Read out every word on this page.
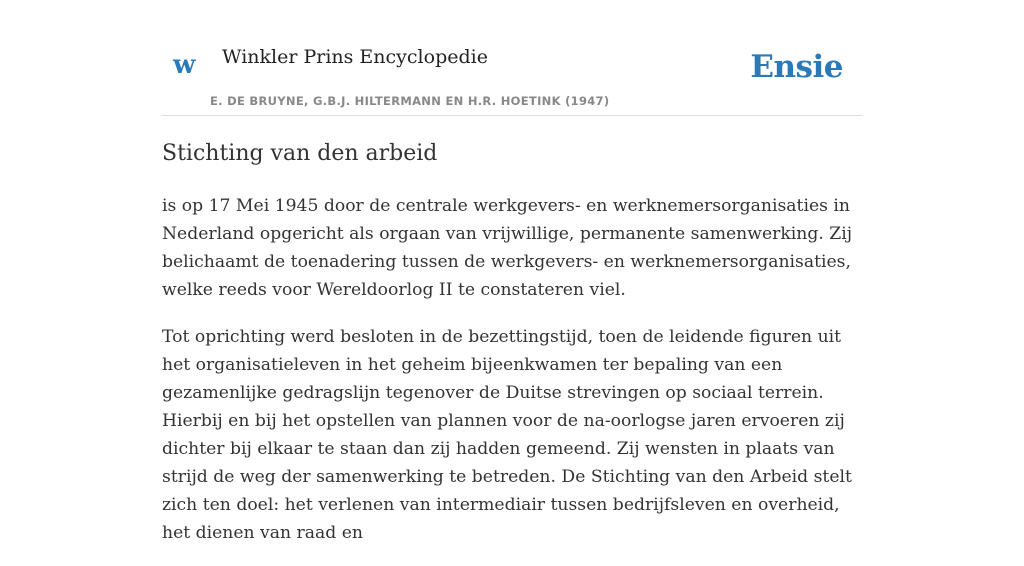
w Winkler Prins Encyclopedie
E. DE BRUYNE, G.B.J. HILTERMANN EN H.R. HOETINK (1947)
Ensie
Stichting van den arbeid

is op 17 Mei 1945 door de centrale werkgevers- en werknemersorganisaties in Nederland opgericht als orgaan van vrijwillige, permanente samenwerking. Zij belichaamt de toenadering tussen de werkgevers- en werknemersorganisaties, welke reeds voor Wereldoorlog II te constateren viel.

Tot oprichting werd besloten in de bezettingstijd, toen de leidende figuren uit het organisatieleven in het geheim bijeenkwamen ter bepaling van een gezamenlijke gedragslijn tegenover de Duitse strevingen op sociaal terrein. Hierbij en bij het opstellen van plannen voor de na-oorlogse jaren ervoeren zij dichter bij elkaar te staan dan zij hadden gemeend. Zij wensten in plaats van strijd de weg der samenwerking te betreden. De Stichting van den Arbeid stelt zich ten doel: het verlenen van intermediair tussen bedrijfsleven en overheid, het dienen van raad en
